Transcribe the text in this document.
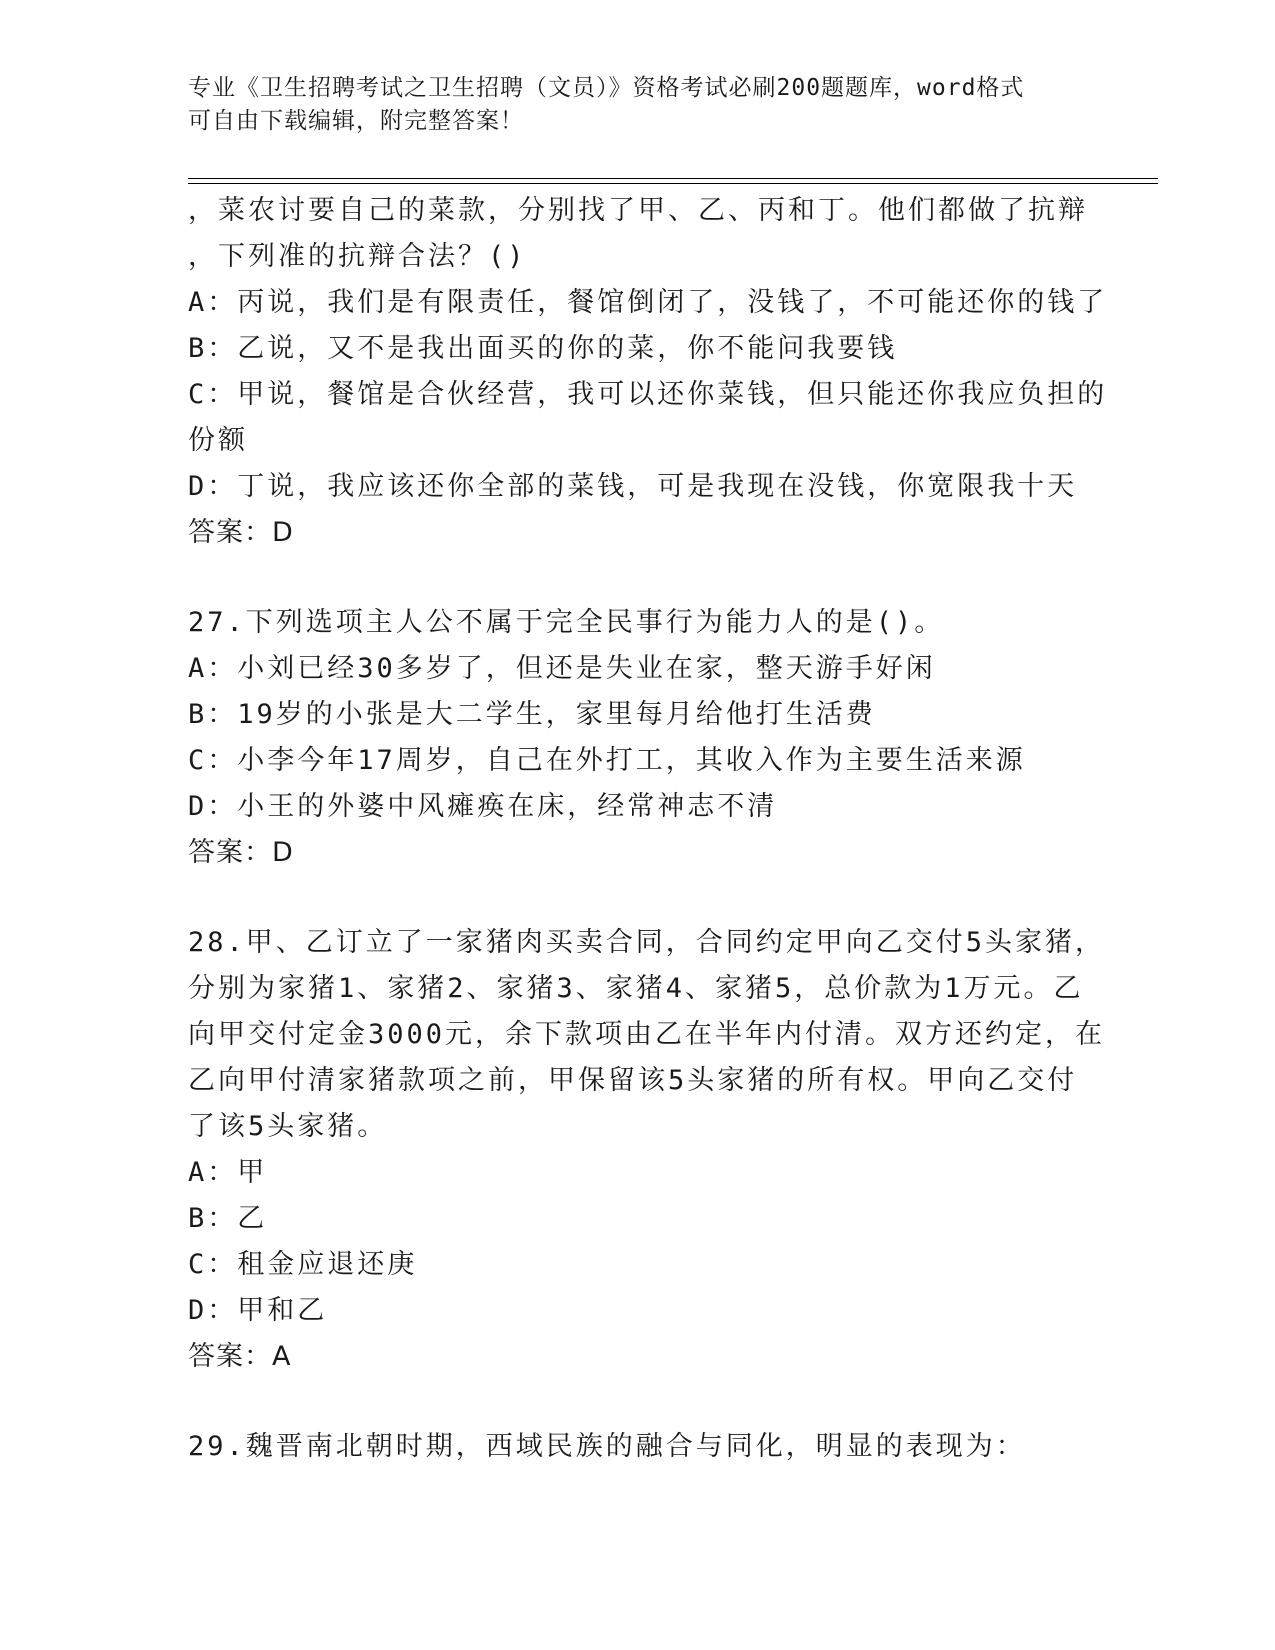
专业《卫生招聘考试之卫生招聘（文员）》资格考试必刷200题题库，word格式
可自由下载编辑，附完整答案！
，菜农讨要自己的菜款，分别找了甲、乙、丙和丁。他们都做了抗辩
，下列准的抗辩合法？()
A：丙说，我们是有限责任，餐馆倒闭了，没钱了，不可能还你的钱了
B：乙说，又不是我出面买的你的菜，你不能问我要钱
C：甲说，餐馆是合伙经营，我可以还你菜钱，但只能还你我应负担的
份额
D：丁说，我应该还你全部的菜钱，可是我现在没钱，你宽限我十天
答案：D
27.下列选项主人公不属于完全民事行为能力人的是()。
A：小刘已经30多岁了，但还是失业在家，整天游手好闲
B：19岁的小张是大二学生，家里每月给他打生活费
C：小李今年17周岁，自己在外打工，其收入作为主要生活来源
D：小王的外婆中风瘫痪在床，经常神志不清
答案：D
28.甲、乙订立了一家猪肉买卖合同，合同约定甲向乙交付5头家猪，
分别为家猪1、家猪2、家猪3、家猪4、家猪5，总价款为1万元。乙
向甲交付定金3000元，余下款项由乙在半年内付清。双方还约定，在
乙向甲付清家猪款项之前，甲保留该5头家猪的所有权。甲向乙交付
了该5头家猪。
A：甲
B：乙
C：租金应退还庚
D：甲和乙
答案：A
29.魏晋南北朝时期，西域民族的融合与同化，明显的表现为：
